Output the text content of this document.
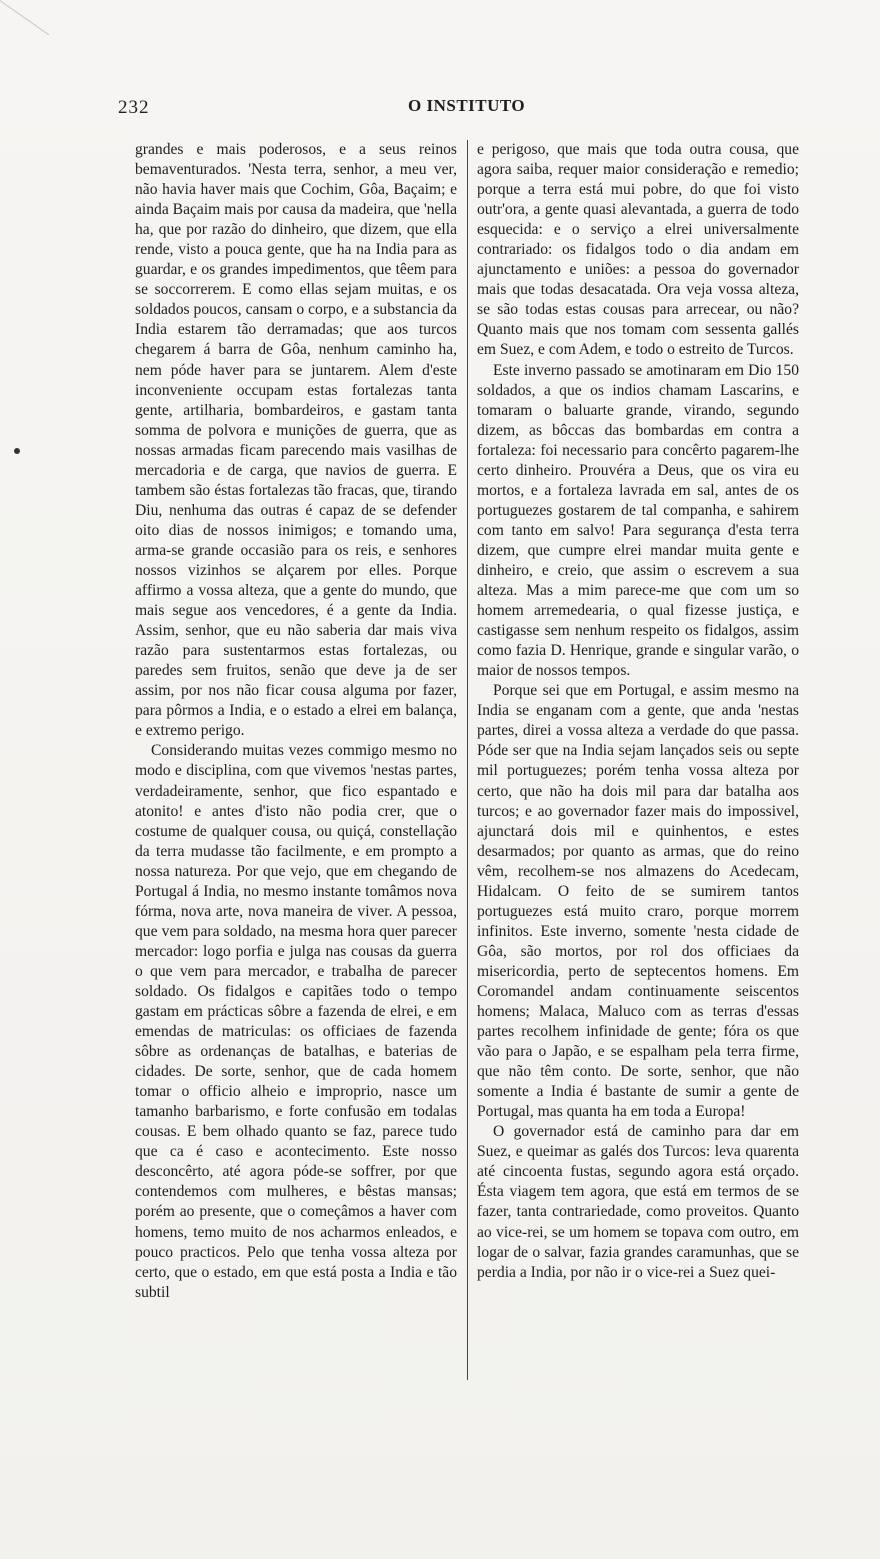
232	O INSTITUTO

grandes e mais poderosos, e a seus reinos bemaventurados. 'Nesta terra, senhor, a meu ver, não havia haver mais que Cochim, Gôa, Baçaim; e ainda Baçaim mais por causa da madeira, que 'nella ha, que por razão do dinheiro, que dizem, que ella rende, visto a pouca gente, que ha na India para as guardar, e os grandes impedimentos, que têem para se soccorrerem. E como ellas sejam muitas, e os soldados poucos, cansam o corpo, e a substancia da India estarem tão derramadas; que aos turcos chegarem á barra de Gôa, nenhum caminho ha, nem póde haver para se juntarem. Alem d'este inconveniente occupam estas fortalezas tanta gente, artilharia, bombardeiros, e gastam tanta somma de polvora e munições de guerra, que as nossas armadas ficam parecendo mais vasilhas de mercadoria e de carga, que navios de guerra. E tambem são éstas fortalezas tão fracas, que, tirando Diu, nenhuma das outras é capaz de se defender oito dias de nossos inimigos; e tomando uma, arma-se grande occasião para os reis, e senhores nossos vizinhos se alçarem por elles. Porque affirmo a vossa alteza, que a gente do mundo, que mais segue aos vencedores, é a gente da India. Assim, senhor, que eu não saberia dar mais viva razão para sustentarmos estas fortalezas, ou paredes sem fruitos, senão que deve ja de ser assim, por nos não ficar cousa alguma por fazer, para pôrmos a India, e o estado a elrei em balança, e extremo perigo.

Considerando muitas vezes commigo mesmo no modo e disciplina, com que vivemos 'nestas partes, verdadeiramente, senhor, que fico espantado e atonito! e antes d'isto não podia crer, que o costume de qualquer cousa, ou quiçá, constellação da terra mudasse tão facilmente, e em prompto a nossa natureza. Por que vejo, que em chegando de Portugal á India, no mesmo instante tomâmos nova fórma, nova arte, nova maneira de viver. A pessoa, que vem para soldado, na mesma hora quer parecer mercador: logo porfia e julga nas cousas da guerra o que vem para mercador, e trabalha de parecer soldado. Os fidalgos e capitães todo o tempo gastam em prácticas sôbre a fazenda de elrei, e em emendas de matriculas: os officiaes de fazenda sôbre as ordenanças de batalhas, e baterias de cidades. De sorte, senhor, que de cada homem tomar o officio alheio e improprio, nasce um tamanho barbarismo, e forte confusão em todalas cousas. E bem olhado quanto se faz, parece tudo que ca é caso e acontecimento. Este nosso desconcêrto, até agora póde-se soffrer, por que contendemos com mulheres, e bêstas mansas; porém ao presente, que o começâmos a haver com homens, temo muito de nos acharmos enleados, e pouco practicos. Pelo que tenha vossa alteza por certo, que o estado, em que está posta a India e tão subtil

e perigoso, que mais que toda outra cousa, que agora saiba, requer maior consideração e remedio; porque a terra está mui pobre, do que foi visto outr'ora, a gente quasi alevantada, a guerra de todo esquecida: e o serviço a elrei universalmente contrariado: os fidalgos todo o dia andam em ajunctamento e uniões: a pessoa do governador mais que todas desacatada. Ora veja vossa alteza, se são todas estas cousas para arrecear, ou não? Quanto mais que nos tomam com sessenta gallés em Suez, e com Adem, e todo o estreito de Turcos.

Este inverno passado se amotinaram em Dio 150 soldados, a que os indios chamam Lascarins, e tomaram o baluarte grande, virando, segundo dizem, as bôccas das bombardas em contra a fortaleza: foi necessario para concêrto pagarem-lhe certo dinheiro. Prouvéra a Deus, que os vira eu mortos, e a fortaleza lavrada em sal, antes de os portuguezes gostarem de tal companha, e sahirem com tanto em salvo! Para segurança d'esta terra dizem, que cumpre elrei mandar muita gente e dinheiro, e creio, que assim o escrevem a sua alteza. Mas a mim parece-me que com um so homem arremedearia, o qual fizesse justiça, e castigasse sem nenhum respeito os fidalgos, assim como fazia D. Henrique, grande e singular varão, o maior de nossos tempos.

Porque sei que em Portugal, e assim mesmo na India se enganam com a gente, que anda 'nestas partes, direi a vossa alteza a verdade do que passa. Póde ser que na India sejam lançados seis ou septe mil portuguezes; porém tenha vossa alteza por certo, que não ha dois mil para dar batalha aos turcos; e ao governador fazer mais do impossivel, ajunctará dois mil e quinhentos, e estes desarmados; por quanto as armas, que do reino vêm, recolhem-se nos almazens do Acedecam, Hidalcam. O feito de se sumirem tantos portuguezes está muito craro, porque morrem infinitos. Este inverno, somente 'nesta cidade de Gôa, são mortos, por rol dos officiaes da misericordia, perto de septecentos homens. Em Coromandel andam continuamente seiscentos homens; Malaca, Maluco com as terras d'essas partes recolhem infinidade de gente; fóra os que vão para o Japão, e se espalham pela terra firme, que não têm conto. De sorte, senhor, que não somente a India é bastante de sumir a gente de Portugal, mas quanta ha em toda a Europa!

O governador está de caminho para dar em Suez, e queimar as galés dos Turcos: leva quarenta até cincoenta fustas, segundo agora está orçado. Ésta viagem tem agora, que está em termos de se fazer, tanta contrariedade, como proveitos. Quanto ao vice-rei, se um homem se topava com outro, em logar de o salvar, fazia grandes caramunhas, que se perdia a India, por não ir o vice-rei a Suez quei-
